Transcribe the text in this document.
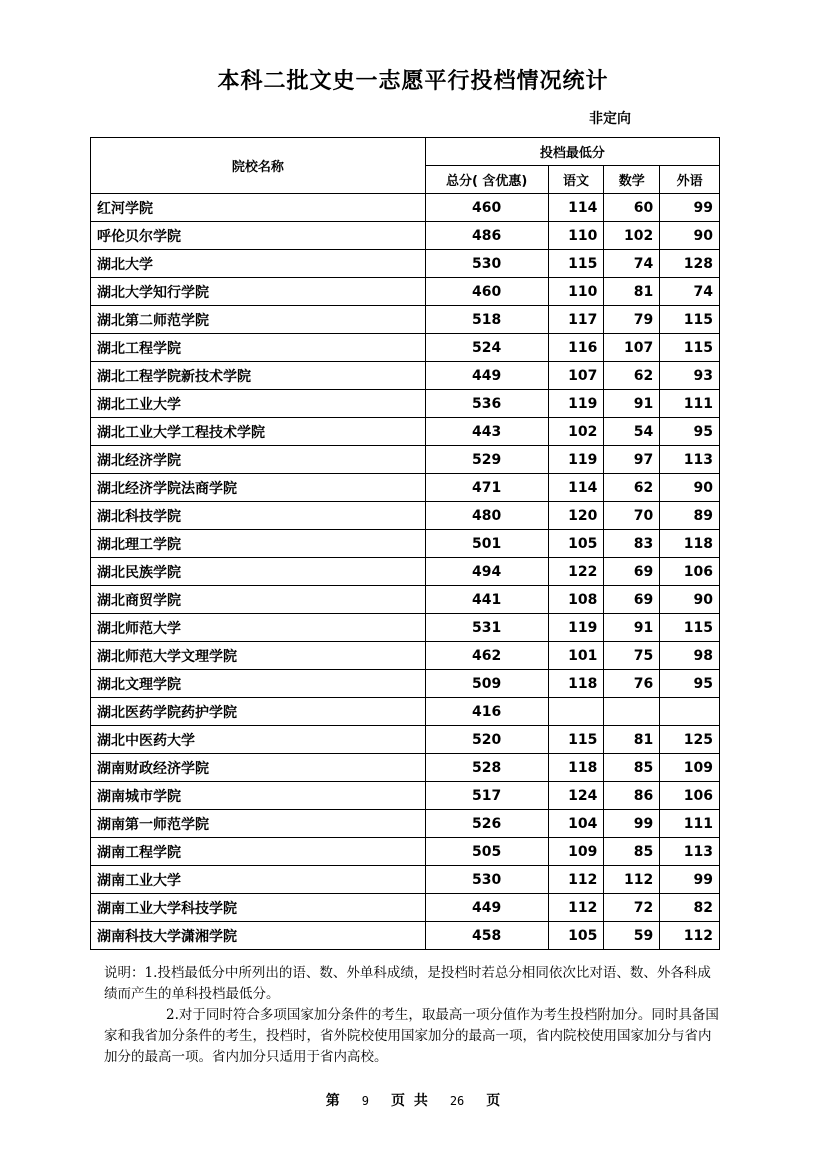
本科二批文史一志愿平行投档情况统计
非定向
院校名称	投档最低分			
	总分( 含优惠)	语文	数学	外语
红河学院	460	114	60	99
呼伦贝尔学院	486	110	102	90
湖北大学	530	115	74	128
湖北大学知行学院	460	110	81	74
湖北第二师范学院	518	117	79	115
湖北工程学院	524	116	107	115
湖北工程学院新技术学院	449	107	62	93
湖北工业大学	536	119	91	111
湖北工业大学工程技术学院	443	102	54	95
湖北经济学院	529	119	97	113
湖北经济学院法商学院	471	114	62	90
湖北科技学院	480	120	70	89
湖北理工学院	501	105	83	118
湖北民族学院	494	122	69	106
湖北商贸学院	441	108	69	90
湖北师范大学	531	119	91	115
湖北师范大学文理学院	462	101	75	98
湖北文理学院	509	118	76	95
湖北医药学院药护学院	416			
湖北中医药大学	520	115	81	125
湖南财政经济学院	528	118	85	109
湖南城市学院	517	124	86	106
湖南第一师范学院	526	104	99	111
湖南工程学院	505	109	85	113
湖南工业大学	530	112	112	99
湖南工业大学科技学院	449	112	72	82
湖南科技大学潇湘学院	458	105	59	112

说明：1.投档最低分中所列出的语、数、外单科成绩，是投档时若总分相同依次比对语、数、外各科成绩而产生的单科投档最低分。

2.对于同时符合多项国家加分条件的考生，取最高一项分值作为考生投档附加分。同时具备国家和我省加分条件的考生，投档时，省外院校使用国家加分的最高一项，省内院校使用国家加分与省内加分的最高一项。省内加分只适用于省内高校。

第 9 页 共 26 页
